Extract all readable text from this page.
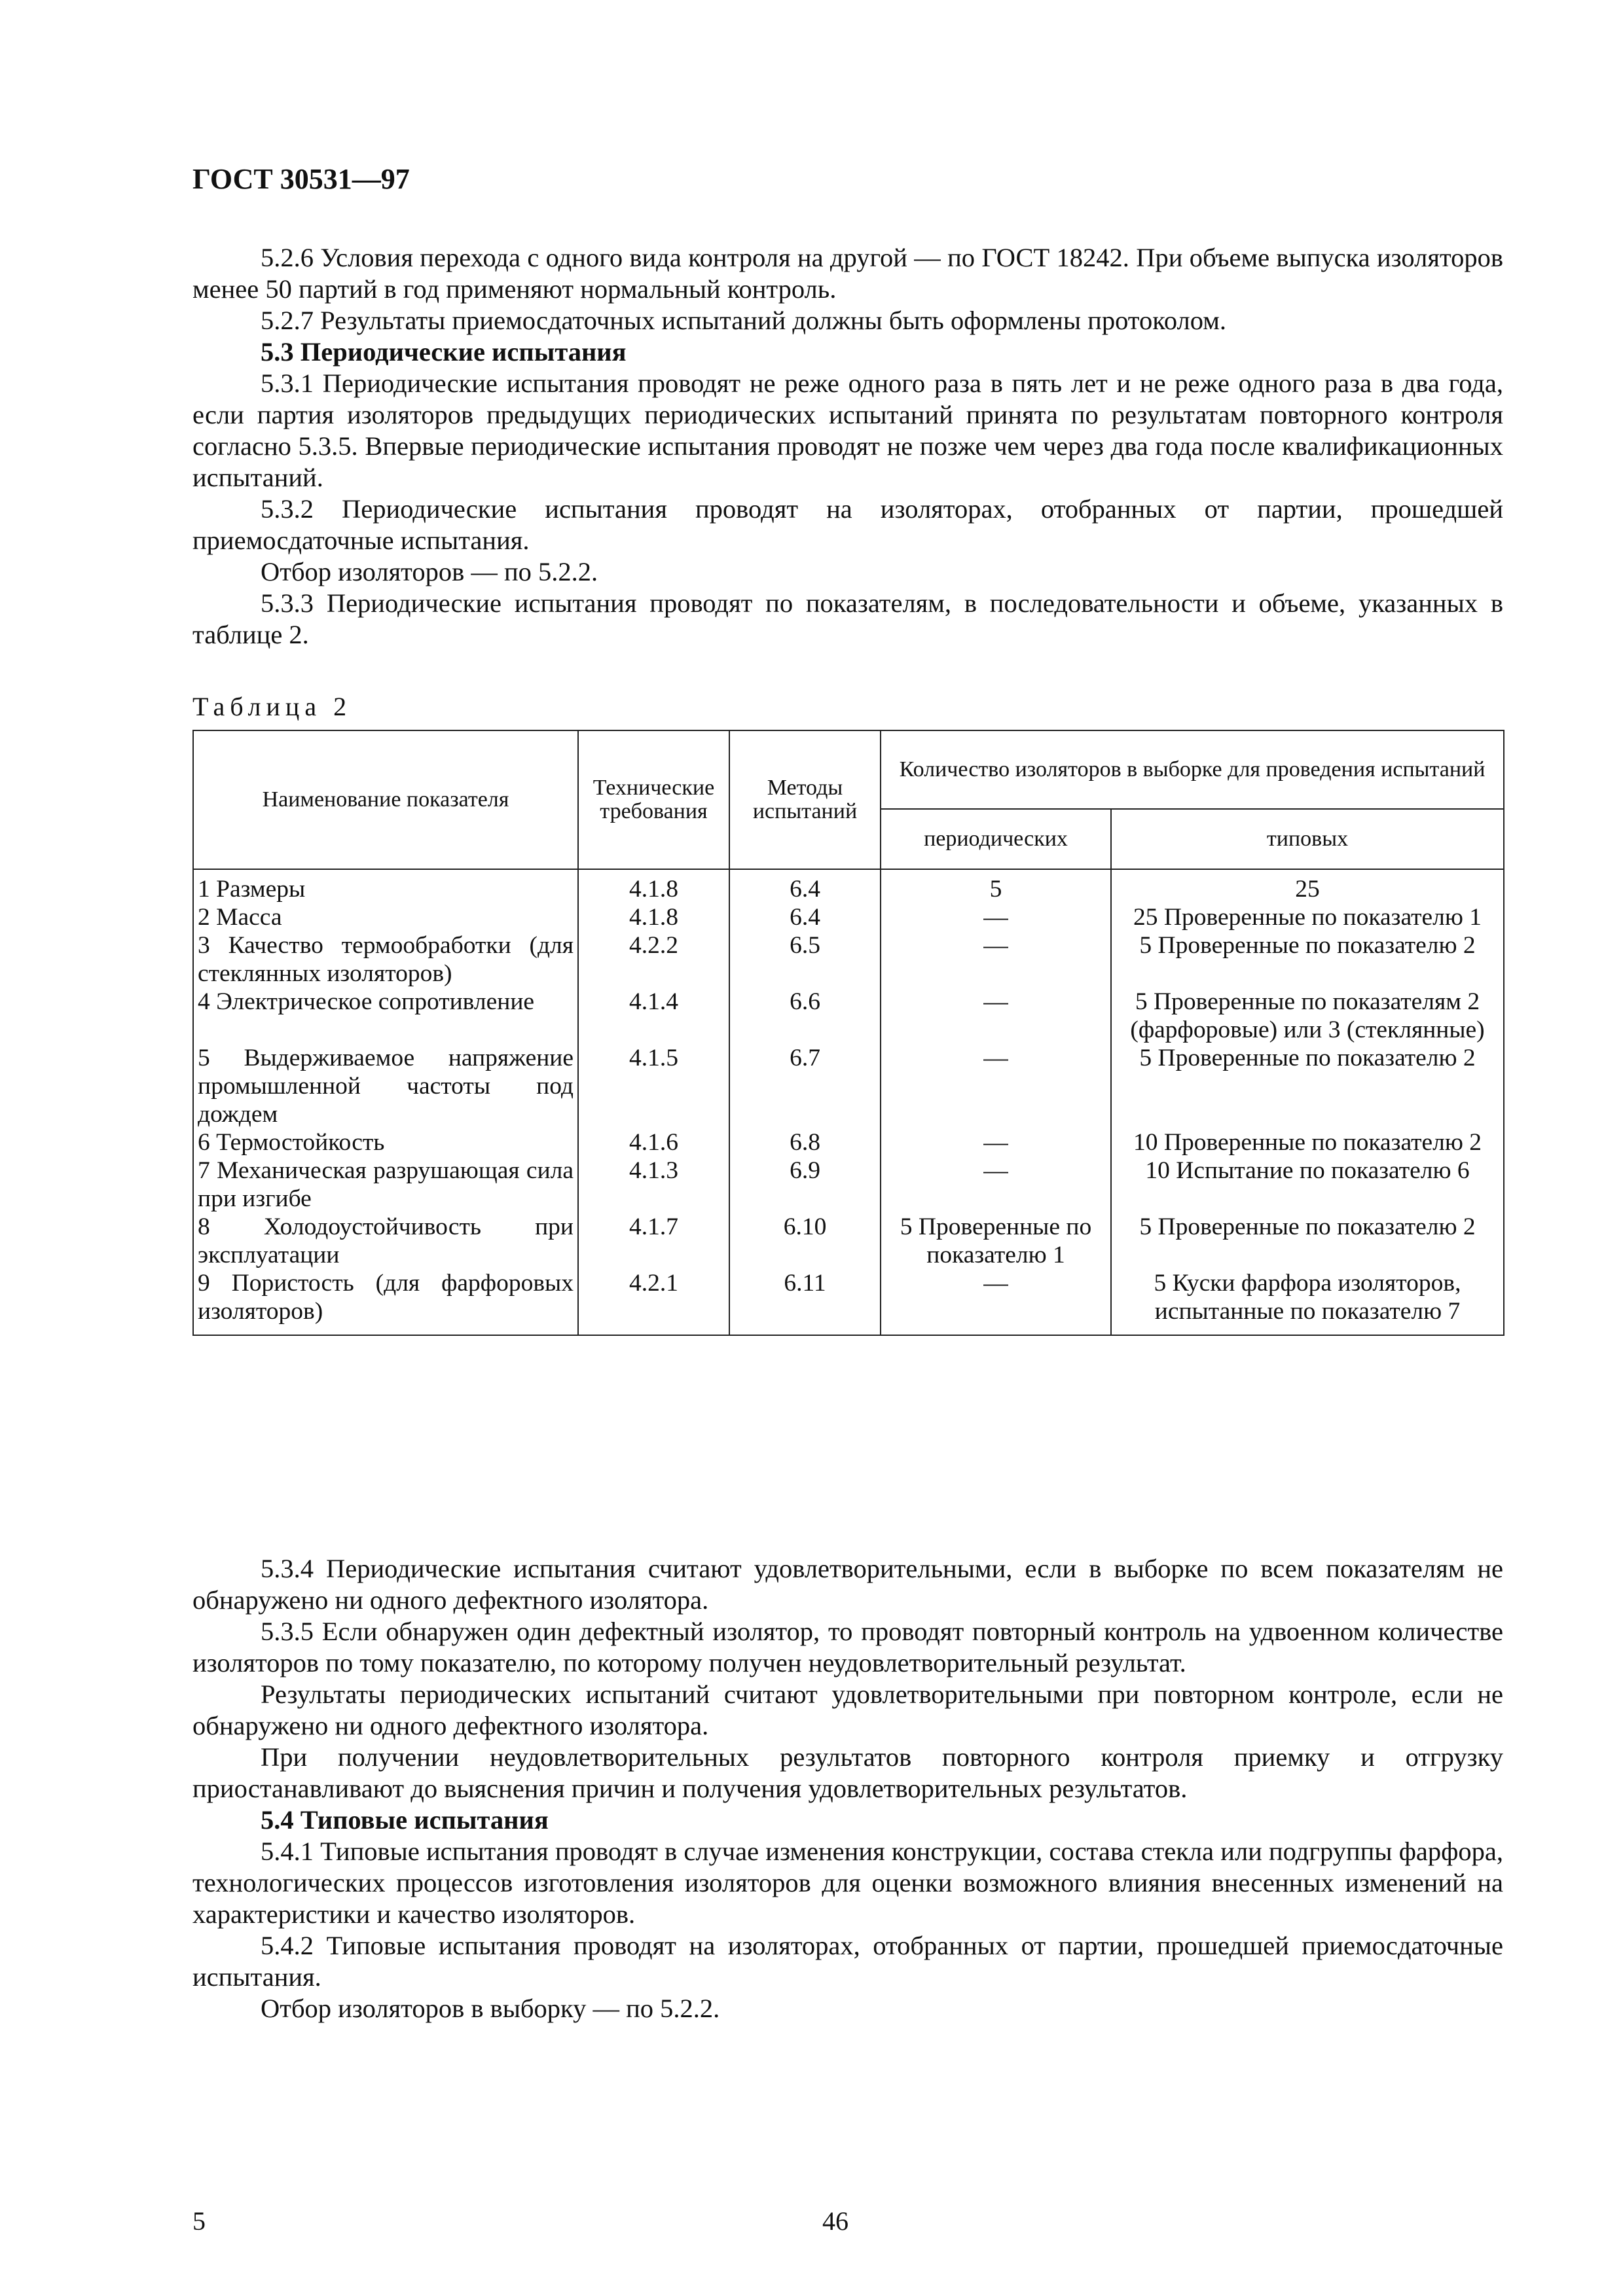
ГОСТ 30531—97

5.2.6 Условия перехода с одного вида контроля на другой — по ГОСТ 18242. При объеме выпуска изоляторов менее 50 партий в год применяют нормальный контроль.

5.2.7 Результаты приемосдаточных испытаний должны быть оформлены протоколом.

5.3 Периодические испытания

5.3.1 Периодические испытания проводят не реже одного раза в пять лет и не реже одного раза в два года, если партия изоляторов предыдущих периодических испытаний принята по результатам повторного контроля согласно 5.3.5. Впервые периодические испытания проводят не позже чем через два года после квалификационных испытаний.

5.3.2 Периодические испытания проводят на изоляторах, отобранных от партии, прошедшей приемосдаточные испытания.

Отбор изоляторов — по 5.2.2.

5.3.3 Периодические испытания проводят по показателям, в последовательности и объеме, указанных в таблице 2.

Таблица 2
Наименование показателя	Технические требования	Методы испытаний	Количество изоляторов в выборке для проведения испытаний	
			периодических	типовых
1 Размеры	4.1.8	6.4	5	25
2 Масса	4.1.8	6.4	—	25 Проверенные по показателю 1
3 Качество термообработки (для стеклянных изоляторов)	4.2.2	6.5	—	5 Проверенные по показателю 2
4 Электрическое сопротивление	4.1.4	6.6	—	5 Проверенные по показателям 2 (фарфоровые) или 3 (стеклянные)
5 Выдерживаемое напряжение промышленной частоты под дождем	4.1.5	6.7	—	5 Проверенные по показателю 2
6 Термостойкость	4.1.6	6.8	—	10 Проверенные по показателю 2
7 Механическая разрушающая сила при изгибе	4.1.3	6.9	—	10 Испытание по показателю 6
8 Холодоустойчивость при эксплуатации	4.1.7	6.10	5 Проверенные по показателю 1	5 Проверенные по показателю 2
9 Пористость (для фарфоровых изоляторов)	4.2.1	6.11	—	5 Куски фарфора изоляторов, испытанные по показателю 7

5.3.4 Периодические испытания считают удовлетворительными, если в выборке по всем показателям не обнаружено ни одного дефектного изолятора.

5.3.5 Если обнаружен один дефектный изолятор, то проводят повторный контроль на удвоенном количестве изоляторов по тому показателю, по которому получен неудовлетворительный результат.

Результаты периодических испытаний считают удовлетворительными при повторном контроле, если не обнаружено ни одного дефектного изолятора.

При получении неудовлетворительных результатов повторного контроля приемку и отгрузку приостанавливают до выяснения причин и получения удовлетворительных результатов.

5.4 Типовые испытания

5.4.1 Типовые испытания проводят в случае изменения конструкции, состава стекла или подгруппы фарфора, технологических процессов изготовления изоляторов для оценки возможного влияния внесенных изменений на характеристики и качество изоляторов.

5.4.2 Типовые испытания проводят на изоляторах, отобранных от партии, прошедшей приемосдаточные испытания.

Отбор изоляторов в выборку — по 5.2.2.

5	46
